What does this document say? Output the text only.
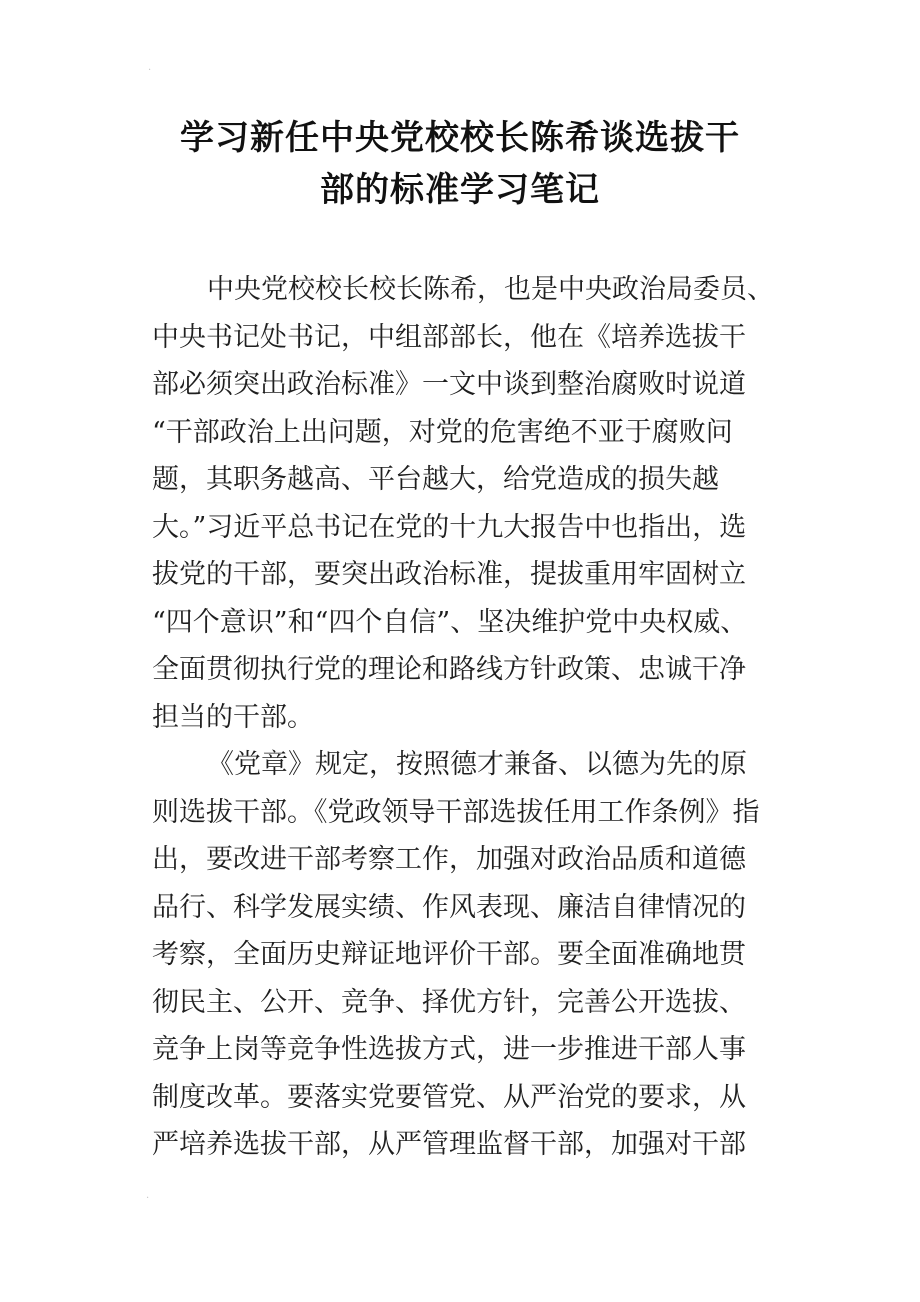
·
学习新任中央党校校长陈希谈选拔干
部的标准学习笔记

中央党校校长校长陈希，也是中央政治局委员、
中央书记处书记，中组部部长，他在《培养选拔干
部必须突出政治标准》一文中谈到整治腐败时说道
“干部政治上出问题，对党的危害绝不亚于腐败问
题，其职务越高、平台越大，给党造成的损失越
大。”习近平总书记在党的十九大报告中也指出，选
拔党的干部，要突出政治标准，提拔重用牢固树立
“四个意识”和“四个自信”、坚决维护党中央权威、
全面贯彻执行党的理论和路线方针政策、忠诚干净
担当的干部。

《党章》规定，按照德才兼备、以德为先的原
则选拔干部。《党政领导干部选拔任用工作条例》指
出，要改进干部考察工作，加强对政治品质和道德
品行、科学发展实绩、作风表现、廉洁自律情况的
考察，全面历史辩证地评价干部。要全面准确地贯
彻民主、公开、竞争、择优方针，完善公开选拔、
竞争上岗等竞争性选拔方式，进一步推进干部人事
制度改革。要落实党要管党、从严治党的要求，从
严培养选拔干部，从严管理监督干部，加强对干部

·
